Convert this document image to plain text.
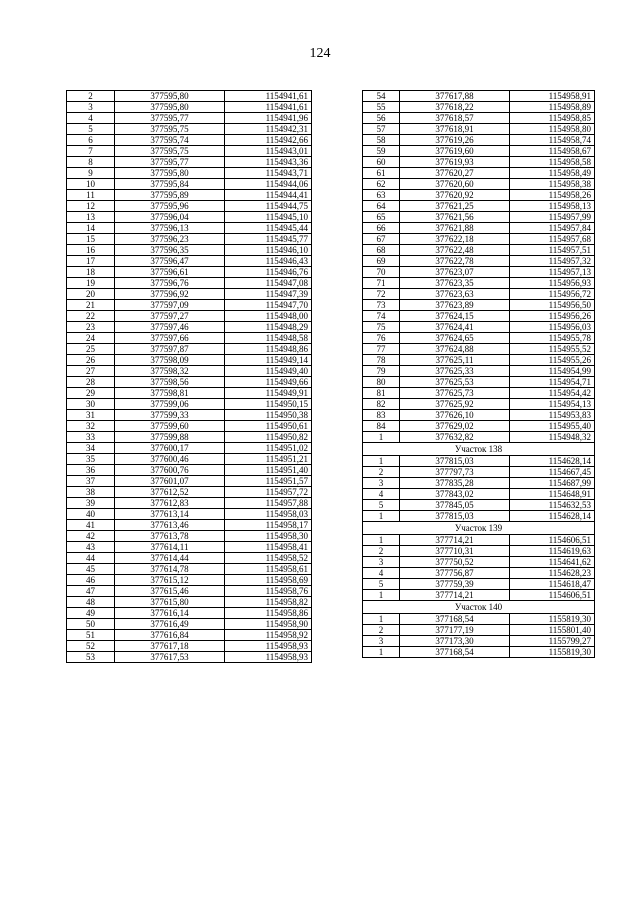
124
2	377595,80	1154941,61
3	377595,80	1154941,61
4	377595,77	1154941,96
5	377595,75	1154942,31
6	377595,74	1154942,66
7	377595,75	1154943,01
8	377595,77	1154943,36
9	377595,80	1154943,71
10	377595,84	1154944,06
11	377595,89	1154944,41
12	377595,96	1154944,75
13	377596,04	1154945,10
14	377596,13	1154945,44
15	377596,23	1154945,77
16	377596,35	1154946,10
17	377596,47	1154946,43
18	377596,61	1154946,76
19	377596,76	1154947,08
20	377596,92	1154947,39
21	377597,09	1154947,70
22	377597,27	1154948,00
23	377597,46	1154948,29
24	377597,66	1154948,58
25	377597,87	1154948,86
26	377598,09	1154949,14
27	377598,32	1154949,40
28	377598,56	1154949,66
29	377598,81	1154949,91
30	377599,06	1154950,15
31	377599,33	1154950,38
32	377599,60	1154950,61
33	377599,88	1154950,82
34	377600,17	1154951,02
35	377600,46	1154951,21
36	377600,76	1154951,40
37	377601,07	1154951,57
38	377612,52	1154957,72
39	377612,83	1154957,88
40	377613,14	1154958,03
41	377613,46	1154958,17
42	377613,78	1154958,30
43	377614,11	1154958,41
44	377614,44	1154958,52
45	377614,78	1154958,61
46	377615,12	1154958,69
47	377615,46	1154958,76
48	377615,80	1154958,82
49	377616,14	1154958,86
50	377616,49	1154958,90
51	377616,84	1154958,92
52	377617,18	1154958,93
53	377617,53	1154958,93
54	377617,88	1154958,91
55	377618,22	1154958,89
56	377618,57	1154958,85
57	377618,91	1154958,80
58	377619,26	1154958,74
59	377619,60	1154958,67
60	377619,93	1154958,58
61	377620,27	1154958,49
62	377620,60	1154958,38
63	377620,92	1154958,26
64	377621,25	1154958,13
65	377621,56	1154957,99
66	377621,88	1154957,84
67	377622,18	1154957,68
68	377622,48	1154957,51
69	377622,78	1154957,32
70	377623,07	1154957,13
71	377623,35	1154956,93
72	377623,63	1154956,72
73	377623,89	1154956,50
74	377624,15	1154956,26
75	377624,41	1154956,03
76	377624,65	1154955,78
77	377624,88	1154955,52
78	377625,11	1154955,26
79	377625,33	1154954,99
80	377625,53	1154954,71
81	377625,73	1154954,42
82	377625,92	1154954,13
83	377626,10	1154953,83
84	377629,02	1154955,40
1	377632,82	1154948,32
Участок 138		
1	377815,03	1154628,14
2	377797,73	1154667,45
3	377835,28	1154687,99
4	377843,02	1154648,91
5	377845,05	1154632,53
1	377815,03	1154628,14
Участок 139		
1	377714,21	1154606,51
2	377710,31	1154619,63
3	377750,52	1154641,62
4	377756,87	1154628,23
5	377759,39	1154618,47
1	377714,21	1154606,51
Участок 140		
1	377168,54	1155819,30
2	377177,19	1155801,40
3	377173,30	1155799,27
1	377168,54	1155819,30
